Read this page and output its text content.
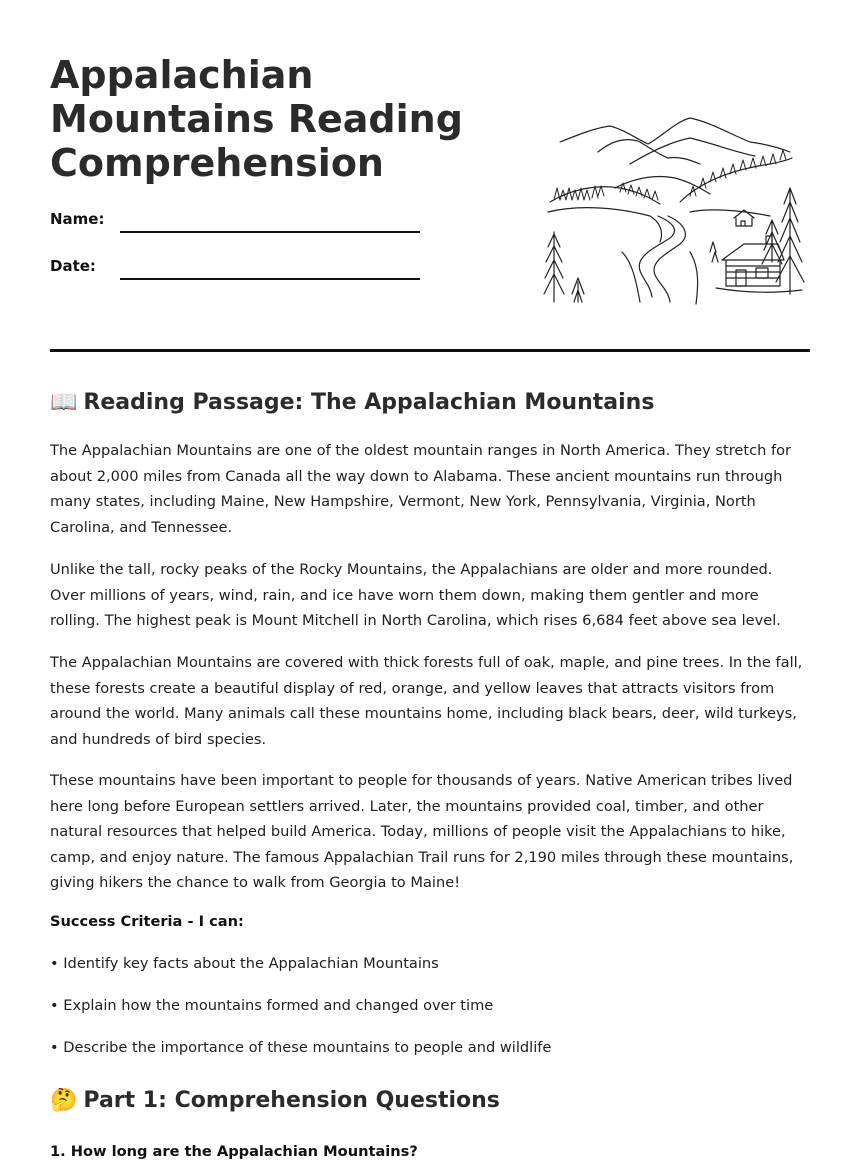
Appalachian Mountains Reading Comprehension
Name:
Date:
📖 Reading Passage: The Appalachian Mountains

The Appalachian Mountains are one of the oldest mountain ranges in North America. They stretch for about 2,000 miles from Canada all the way down to Alabama. These ancient mountains run through many states, including Maine, New Hampshire, Vermont, New York, Pennsylvania, Virginia, North Carolina, and Tennessee.

Unlike the tall, rocky peaks of the Rocky Mountains, the Appalachians are older and more rounded. Over millions of years, wind, rain, and ice have worn them down, making them gentler and more rolling. The highest peak is Mount Mitchell in North Carolina, which rises 6,684 feet above sea level.

The Appalachian Mountains are covered with thick forests full of oak, maple, and pine trees. In the fall, these forests create a beautiful display of red, orange, and yellow leaves that attracts visitors from around the world. Many animals call these mountains home, including black bears, deer, wild turkeys, and hundreds of bird species.

These mountains have been important to people for thousands of years. Native American tribes lived here long before European settlers arrived. Later, the mountains provided coal, timber, and other natural resources that helped build America. Today, millions of people visit the Appalachians to hike, camp, and enjoy nature. The famous Appalachian Trail runs for 2,190 miles through these mountains, giving hikers the chance to walk from Georgia to Maine!

Success Criteria - I can:

• Identify key facts about the Appalachian Mountains

• Explain how the mountains formed and changed over time

• Describe the importance of these mountains to people and wildlife

🤔 Part 1: Comprehension Questions

1. How long are the Appalachian Mountains?
